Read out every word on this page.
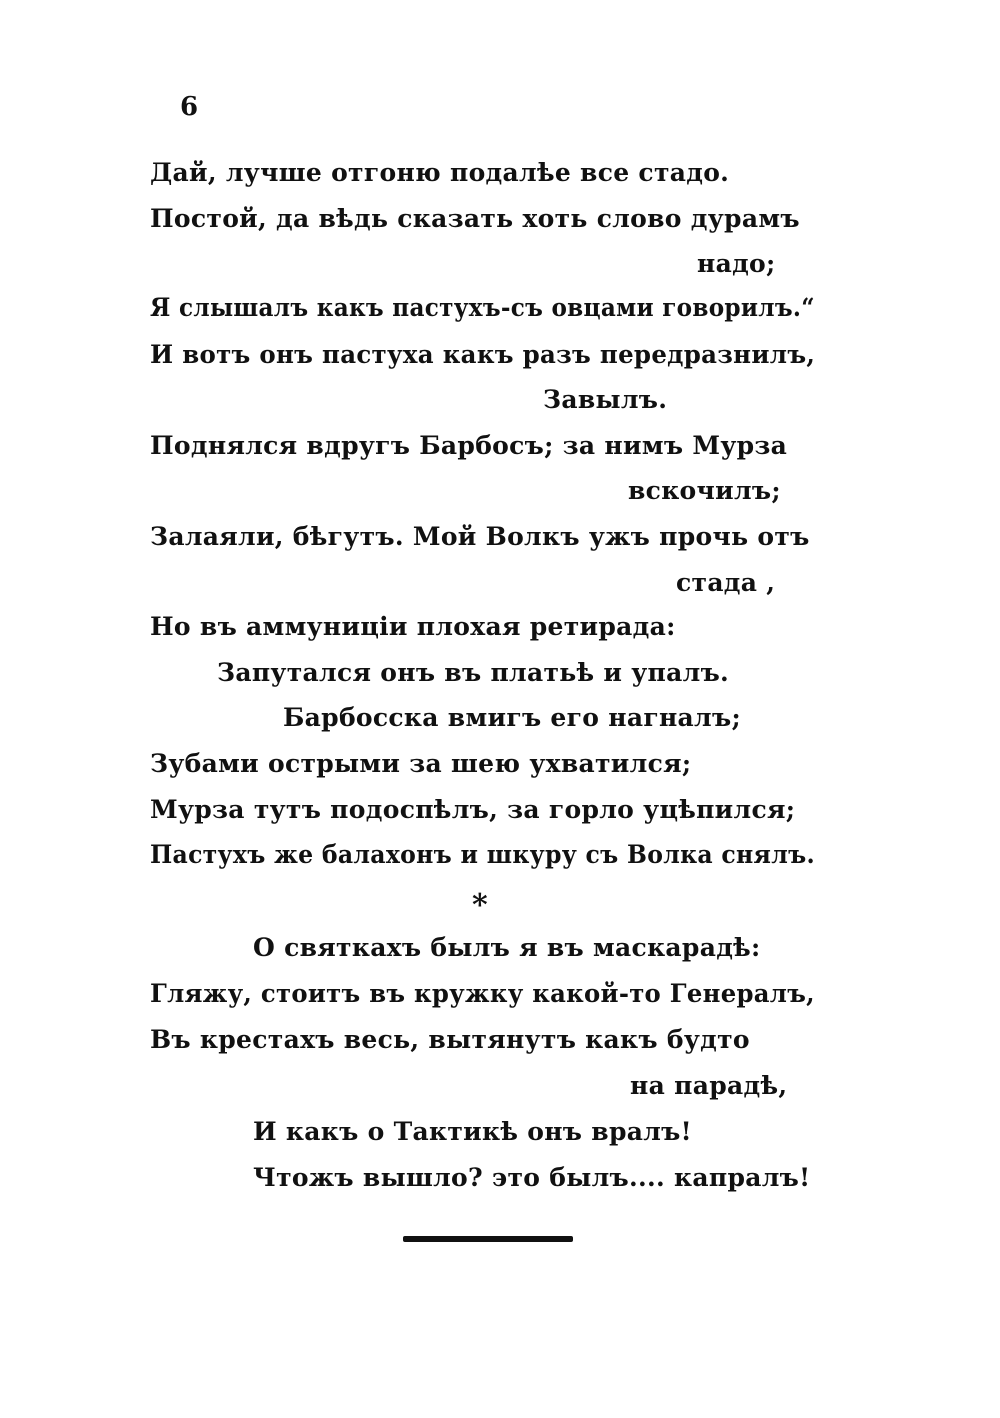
6
Дай, лучше отгоню подалѣе все стадо.
Постой, да вѣдь сказать хоть слово дурамъ
надо;
Я слышалъ какъ пастухъ-съ овцами говорилъ.“
И вотъ онъ пастуха какъ разъ передразнилъ,
Завылъ.
Поднялся вдругъ Барбосъ; за нимъ Мурза
вскочилъ;
Залаяли, бѣгутъ. Мой Волкъ ужъ прочь отъ
стада ,
Но въ аммуниціи плохая ретирада:
Запутался онъ въ платьѣ и упалъ.
Барбосска вмигъ его нагналъ;
Зубами острыми за шею ухватился;
Мурза тутъ подоспѣлъ, за горло уцѣпился;
Пастухъ же балахонъ и шкуру съ Волка снялъ.
*
О святкахъ былъ я въ маскарадѣ:
Гляжу, стоитъ въ кружку какой-то Генералъ,
Въ крестахъ весь, вытянутъ какъ будто
на парадѣ,
И какъ о Тактикѣ онъ вралъ!
Чтожъ вышло? это былъ.... капралъ!
